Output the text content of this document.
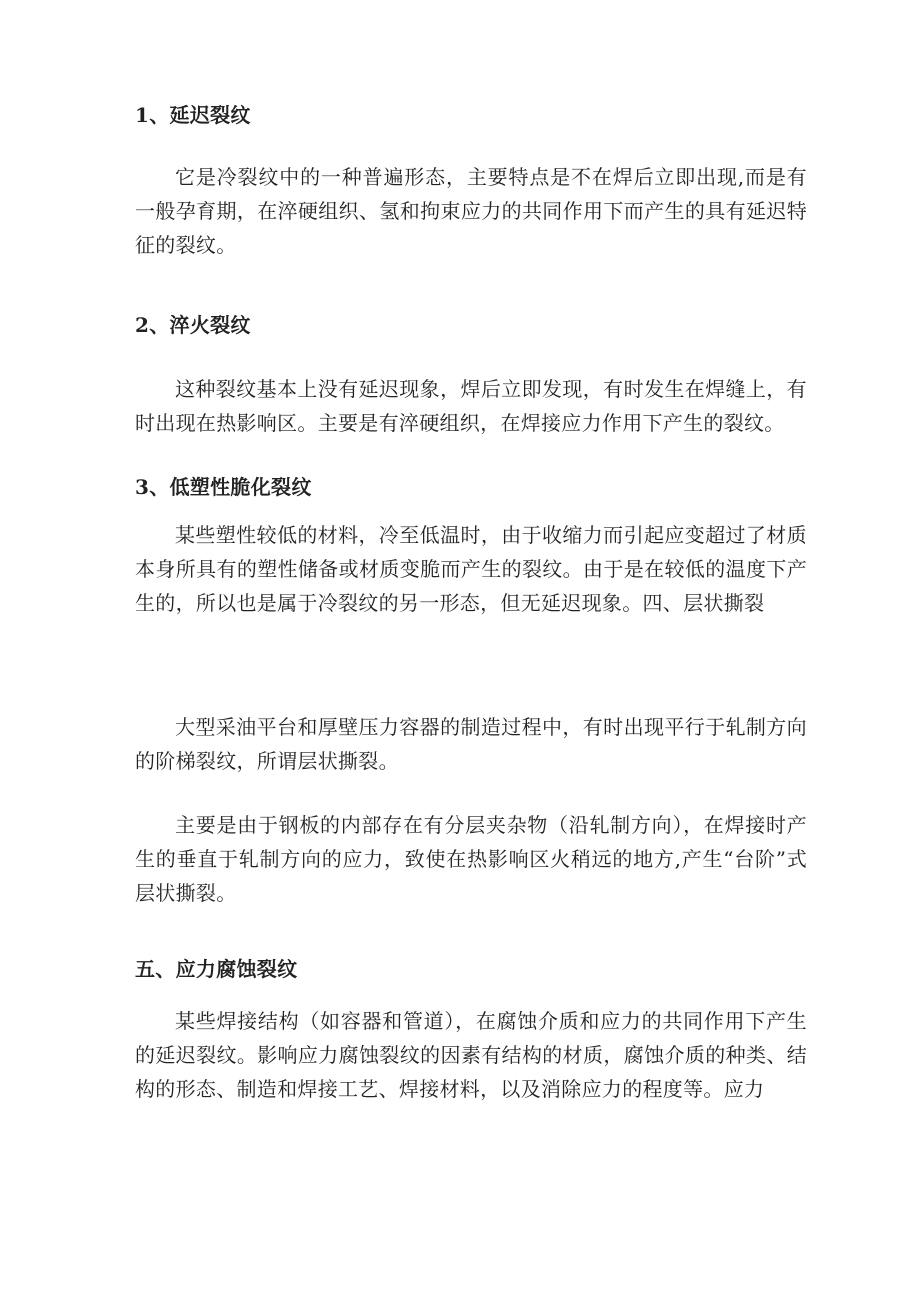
1、延迟裂纹

它是冷裂纹中的一种普遍形态，主要特点是不在焊后立即出现,而是有一般孕育期，在淬硬组织、氢和拘束应力的共同作用下而产生的具有延迟特征的裂纹。

2、淬火裂纹

这种裂纹基本上没有延迟现象，焊后立即发现，有时发生在焊缝上，有时出现在热影响区。主要是有淬硬组织，在焊接应力作用下产生的裂纹。

3、低塑性脆化裂纹

某些塑性较低的材料，冷至低温时，由于收缩力而引起应变超过了材质本身所具有的塑性储备或材质变脆而产生的裂纹。由于是在较低的温度下产生的，所以也是属于冷裂纹的另一形态，但无延迟现象。四、层状撕裂

大型采油平台和厚壁压力容器的制造过程中，有时出现平行于轧制方向的阶梯裂纹，所谓层状撕裂。

主要是由于钢板的内部存在有分层夹杂物（沿轧制方向），在焊接时产生的垂直于轧制方向的应力，致使在热影响区火稍远的地方,产生“台阶”式层状撕裂。

五、应力腐蚀裂纹

某些焊接结构（如容器和管道），在腐蚀介质和应力的共同作用下产生的延迟裂纹。影响应力腐蚀裂纹的因素有结构的材质，腐蚀介质的种类、结构的形态、制造和焊接工艺、焊接材料，以及消除应力的程度等。应力
